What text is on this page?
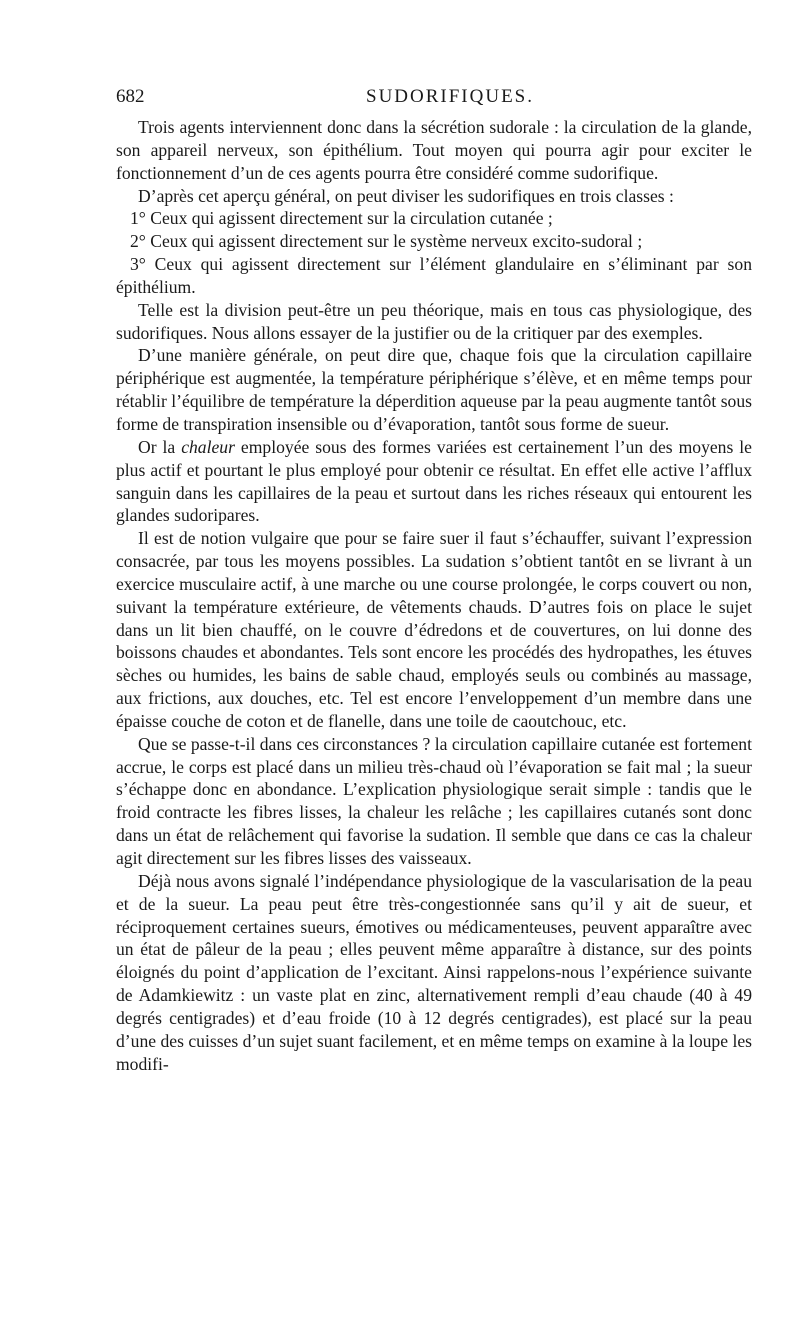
682	SUDORIFIQUES.

Trois agents interviennent donc dans la sécrétion sudorale : la circulation de la glande, son appareil nerveux, son épithélium. Tout moyen qui pourra agir pour exciter le fonctionnement d’un de ces agents pourra être considéré comme sudorifique.

D’après cet aperçu général, on peut diviser les sudorifiques en trois classes :

1° Ceux qui agissent directement sur la circulation cutanée ;

2° Ceux qui agissent directement sur le système nerveux excito-sudoral ;

3° Ceux qui agissent directement sur l’élément glandulaire en s’éliminant par son épithélium.

Telle est la division peut-être un peu théorique, mais en tous cas physiologique, des sudorifiques. Nous allons essayer de la justifier ou de la critiquer par des exemples.

D’une manière générale, on peut dire que, chaque fois que la circulation capillaire périphérique est augmentée, la température périphérique s’élève, et en même temps pour rétablir l’équilibre de température la déperdition aqueuse par la peau augmente tantôt sous forme de transpiration insensible ou d’évaporation, tantôt sous forme de sueur.

Or la chaleur employée sous des formes variées est certainement l’un des moyens le plus actif et pourtant le plus employé pour obtenir ce résultat. En effet elle active l’afflux sanguin dans les capillaires de la peau et surtout dans les riches réseaux qui entourent les glandes sudoripares.

Il est de notion vulgaire que pour se faire suer il faut s’échauffer, suivant l’expression consacrée, par tous les moyens possibles. La sudation s’obtient tantôt en se livrant à un exercice musculaire actif, à une marche ou une course prolongée, le corps couvert ou non, suivant la température extérieure, de vêtements chauds. D’autres fois on place le sujet dans un lit bien chauffé, on le couvre d’édredons et de couvertures, on lui donne des boissons chaudes et abondantes. Tels sont encore les procédés des hydropathes, les étuves sèches ou humides, les bains de sable chaud, employés seuls ou combinés au massage, aux frictions, aux douches, etc. Tel est encore l’enveloppement d’un membre dans une épaisse couche de coton et de flanelle, dans une toile de caoutchouc, etc.

Que se passe-t-il dans ces circonstances ? la circulation capillaire cutanée est fortement accrue, le corps est placé dans un milieu très-chaud où l’évaporation se fait mal ; la sueur s’échappe donc en abondance. L’explication physiologique serait simple : tandis que le froid contracte les fibres lisses, la chaleur les relâche ; les capillaires cutanés sont donc dans un état de relâchement qui favorise la sudation. Il semble que dans ce cas la chaleur agit directement sur les fibres lisses des vaisseaux.

Déjà nous avons signalé l’indépendance physiologique de la vascularisation de la peau et de la sueur. La peau peut être très-congestionnée sans qu’il y ait de sueur, et réciproquement certaines sueurs, émotives ou médicamenteuses, peuvent apparaître avec un état de pâleur de la peau ; elles peuvent même apparaître à distance, sur des points éloignés du point d’application de l’excitant. Ainsi rappelons-nous l’expérience suivante de Adamkiewitz : un vaste plat en zinc, alternativement rempli d’eau chaude (40 à 49 degrés centigrades) et d’eau froide (10 à 12 degrés centigrades), est placé sur la peau d’une des cuisses d’un sujet suant facilement, et en même temps on examine à la loupe les modifi-
